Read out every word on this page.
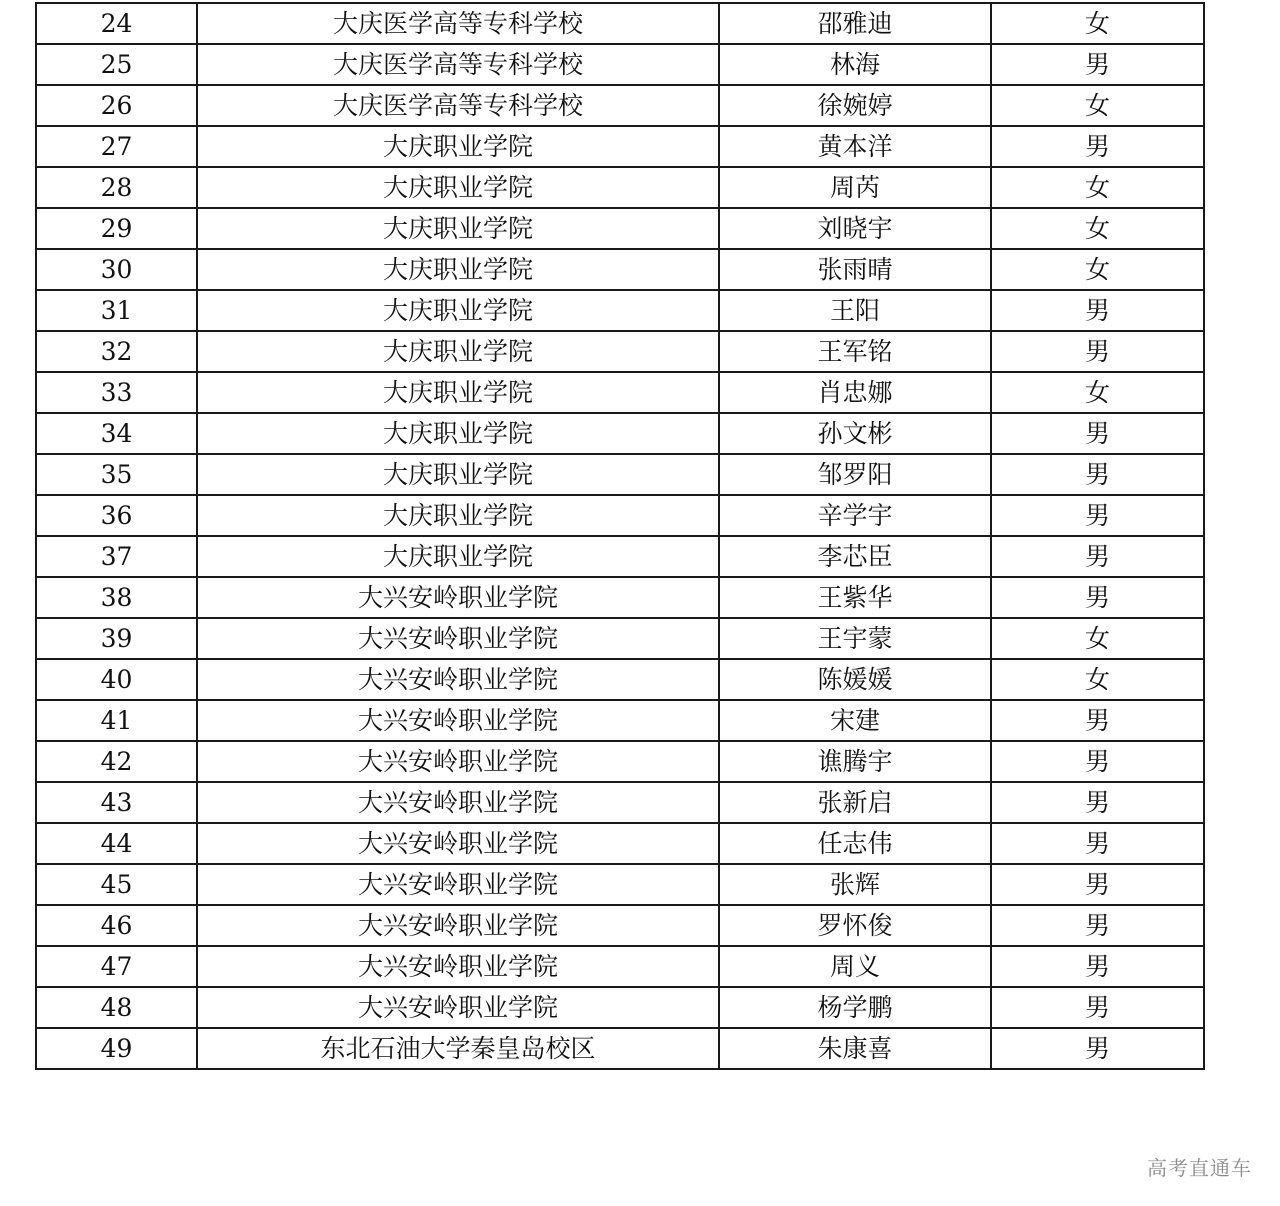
24	大庆医学高等专科学校	邵雅迪	女
25	大庆医学高等专科学校	林海	男
26	大庆医学高等专科学校	徐婉婷	女
27	大庆职业学院	黄本洋	男
28	大庆职业学院	周芮	女
29	大庆职业学院	刘晓宇	女
30	大庆职业学院	张雨晴	女
31	大庆职业学院	王阳	男
32	大庆职业学院	王军铭	男
33	大庆职业学院	肖忠娜	女
34	大庆职业学院	孙文彬	男
35	大庆职业学院	邹罗阳	男
36	大庆职业学院	辛学宇	男
37	大庆职业学院	李芯臣	男
38	大兴安岭职业学院	王紫华	男
39	大兴安岭职业学院	王宇蒙	女
40	大兴安岭职业学院	陈媛媛	女
41	大兴安岭职业学院	宋建	男
42	大兴安岭职业学院	谯腾宇	男
43	大兴安岭职业学院	张新启	男
44	大兴安岭职业学院	任志伟	男
45	大兴安岭职业学院	张辉	男
46	大兴安岭职业学院	罗怀俊	男
47	大兴安岭职业学院	周义	男
48	大兴安岭职业学院	杨学鹏	男
49	东北石油大学秦皇岛校区	朱康喜	男
高考直通车
